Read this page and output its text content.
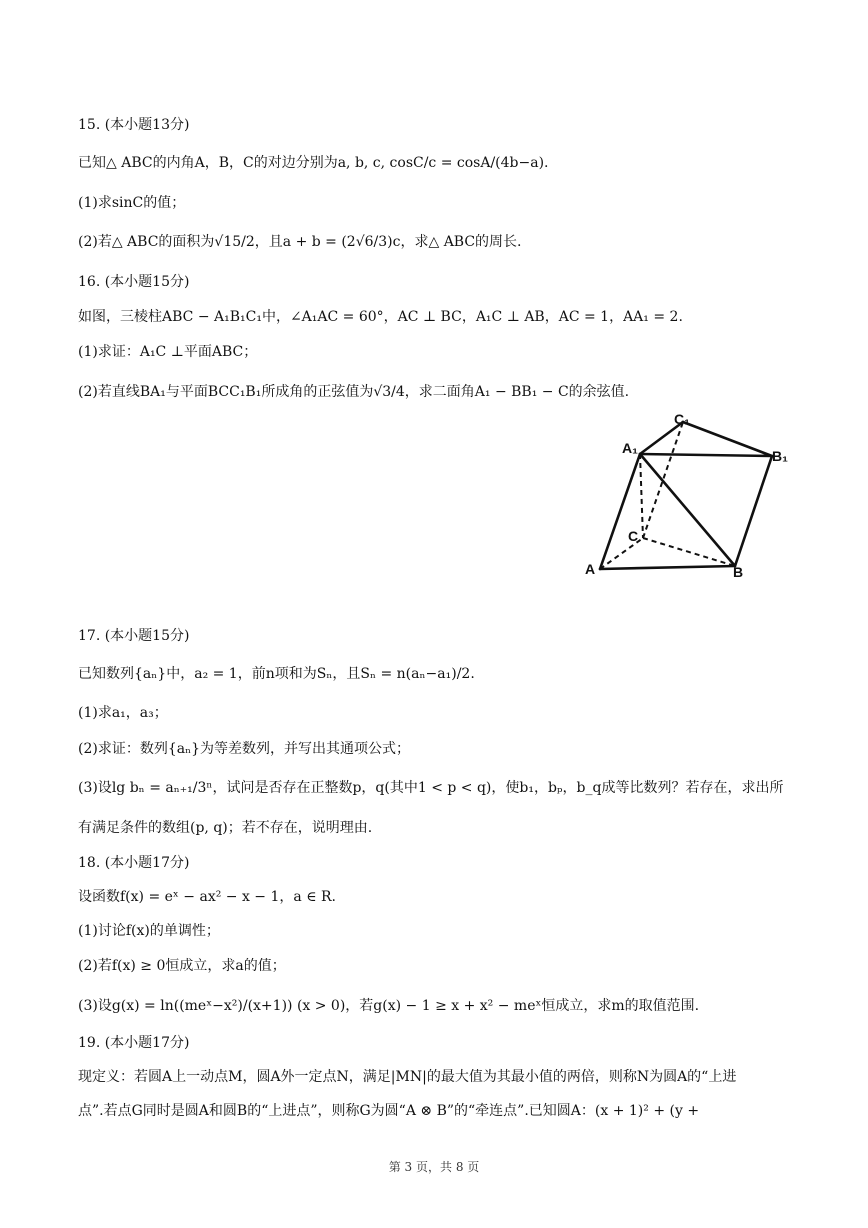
15. (本小题13分)
已知△ ABC的内角A，B，C的对边分别为a, b, c, cosC/c = cosA/(4b−a).
(1)求sinC的值；
(2)若△ ABC的面积为√15/2，且a + b = (2√6/3)c，求△ ABC的周长.
16. (本小题15分)
如图，三棱柱ABC − A₁B₁C₁中，∠A₁AC = 60°，AC ⊥ BC，A₁C ⊥ AB，AC = 1，AA₁ = 2.
(1)求证：A₁C ⊥平面ABC；
(2)若直线BA₁与平面BCC₁B₁所成角的正弦值为√3/4，求二面角A₁ − BB₁ − C的余弦值.
A₁
C₁
B₁
C
A	B
17. (本小题15分)
已知数列{aₙ}中，a₂ = 1，前n项和为Sₙ，且Sₙ = n(aₙ−a₁)/2.
(1)求a₁，a₃；
(2)求证：数列{aₙ}为等差数列，并写出其通项公式；
(3)设lg bₙ = aₙ₊₁/3ⁿ，试问是否存在正整数p，q(其中1 < p < q)，使b₁，bₚ，b_q成等比数列？若存在，求出所
有满足条件的数组(p, q)；若不存在，说明理由.
18. (本小题17分)
设函数f(x) = eˣ − ax² − x − 1，a ∈ R.
(1)讨论f(x)的单调性；
(2)若f(x) ≥ 0恒成立，求a的值；
(3)设g(x) = ln((meˣ−x²)/(x+1)) (x > 0)，若g(x) − 1 ≥ x + x² − meˣ恒成立，求m的取值范围.
19. (本小题17分)
现定义：若圆A上一动点M，圆A外一定点N，满足|MN|的最大值为其最小值的两倍，则称N为圆A的“上进
点”.若点G同时是圆A和圆B的“上进点”，则称G为圆“A ⊗ B”的“牵连点”.已知圆A：(x + 1)² + (y +
第 3 页，共 8 页
